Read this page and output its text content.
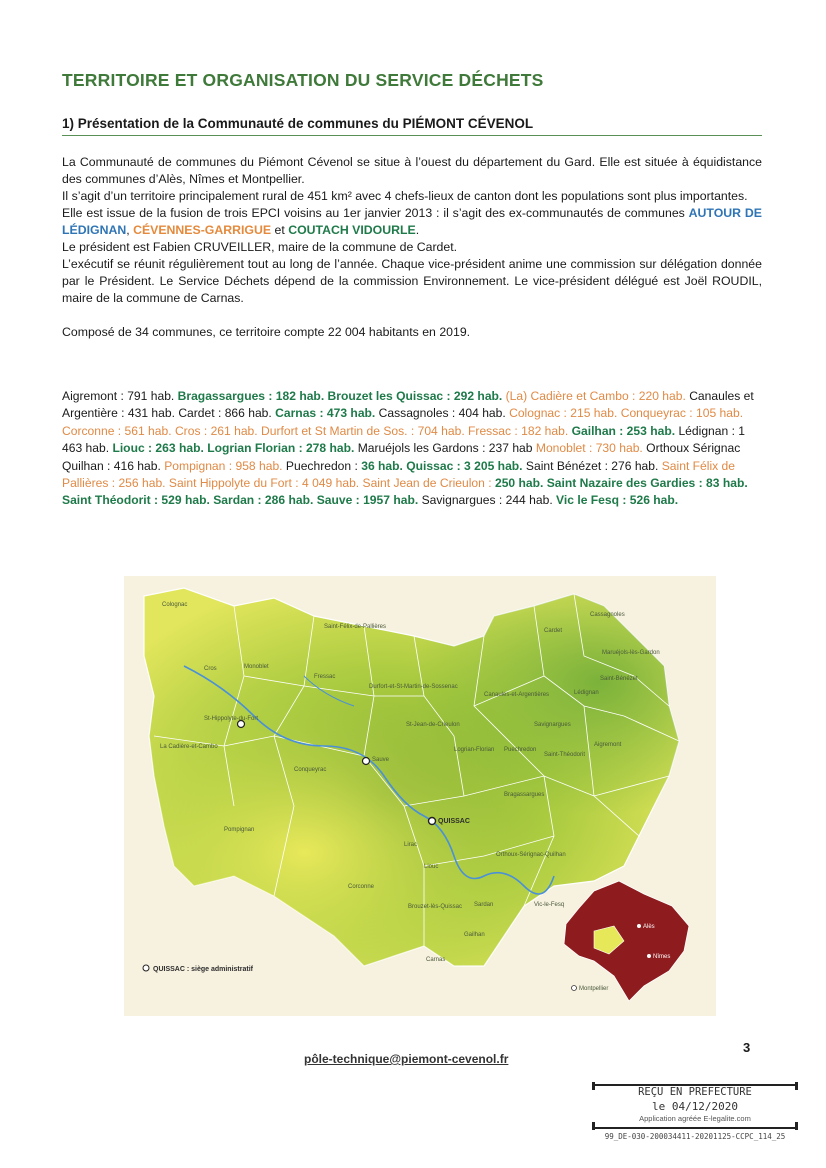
TERRITOIRE ET ORGANISATION DU SERVICE DÉCHETS
1) Présentation de la Communauté de communes du PIÉMONT CÉVENOL

La Communauté de communes du Piémont Cévenol se situe à l’ouest du département du Gard. Elle est située à équidistance des communes d’Alès, Nîmes et Montpellier.

Il s’agit d’un territoire principalement rural de 451 km² avec 4 chefs-lieux de canton dont les populations sont plus importantes.

Elle est issue de la fusion de trois EPCI voisins au 1er janvier 2013 : il s’agit des ex-communautés de communes AUTOUR DE LÉDIGNAN, CÉVENNES-GARRIGUE et COUTACH VIDOURLE.

Le président est Fabien CRUVEILLER, maire de la commune de Cardet.

L’exécutif se réunit régulièrement tout au long de l’année. Chaque vice-président anime une commission sur délégation donnée par le Président. Le Service Déchets dépend de la commission Environnement. Le vice-président délégué est Joël ROUDIL, maire de la commune de Carnas.

Composé de 34 communes, ce territoire compte 22 004 habitants en 2019.

Aigremont : 791 hab. Bragassargues : 182 hab. Brouzet les Quissac : 292 hab. (La) Cadière et Cambo : 220 hab. Canaules et Argentière : 431 hab. Cardet : 866 hab. Carnas : 473 hab. Cassagnoles : 404 hab. Colognac : 215 hab. Conqueyrac : 105 hab. Corconne : 561 hab. Cros : 261 hab. Durfort et St Martin de Sos. : 704 hab. Fressac : 182 hab. Gailhan : 253 hab. Lédignan : 1 463 hab. Liouc : 263 hab. Logrian Florian : 278 hab. Maruéjols les Gardons : 237 hab Monoblet : 730 hab. Orthoux Sérignac Quilhan : 416 hab. Pompignan : 958 hab. Puechredon : 36 hab. Quissac : 3 205 hab. Saint Bénézet : 276 hab. Saint Félix de Pallières : 256 hab. Saint Hippolyte du Fort : 4 049 hab. Saint Jean de Crieulon : 250 hab. Saint Nazaire des Gardies : 83 hab. Saint Théodorit : 529 hab. Sardan : 286 hab. Sauve : 1957 hab. Savignargues : 244 hab. Vic le Fesq : 526 hab.
Colognac
Saint-Félix-de-Pallières
Cros	Monoblet
Fressac
Durfort-et-St-Martin-de-Sossenac
St-Hippolyte-du-Fort
La Cadière-et-Cambo
Conqueyrac
Sauve
Pompignan
QUISSAC
Corconne
Liouc
Brouzet-lès-Quissac Sardan	Vic-le-Fesq
Carnas
Gailhan
Orthoux-Sérignac-Quilhan
St-Jean-de-Crieulon
Logrian-Florian Puechredon
Bragassargues
Saint-Théodorit
Savignargues
Aigremont
Lédignan
Cardet
Cassagnoles
Maruéjols-lès-Gardon
Saint-Bénézet
Canaules-et-Argentières
Lirac
QUISSAC : siège administratif
Alès
Nîmes
Montpellier
3
pôle-technique@piemont-cevenol.fr
REÇU EN PREFECTURE
le 04/12/2020
Application agréée E-legalite.com
99_DE-030-200034411-20201125-CCPC_114_25
